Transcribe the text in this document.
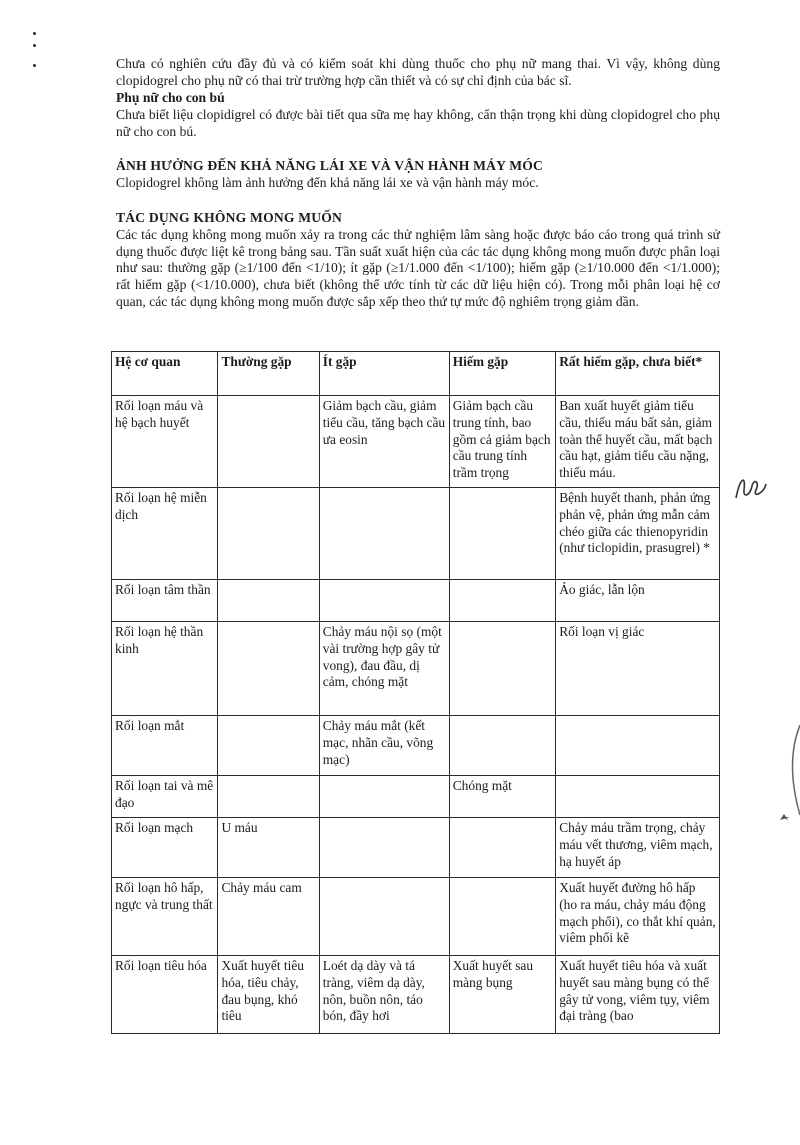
Chưa có nghiên cứu đầy đủ và có kiểm soát khi dùng thuốc cho phụ nữ mang thai. Vì vậy, không dùng clopidogrel cho phụ nữ có thai trừ trường hợp cần thiết và có sự chỉ định của bác sĩ.

Phụ nữ cho con bú

Chưa biết liệu clopidigrel có được bài tiết qua sữa mẹ hay không, cẩn thận trọng khi dùng clopidogrel cho phụ nữ cho con bú.

ẢNH HƯỞNG ĐẾN KHẢ NĂNG LÁI XE VÀ VẬN HÀNH MÁY MÓC

Clopidogrel không làm ảnh hưởng đến khả năng lái xe và vận hành máy móc.

TÁC DỤNG KHÔNG MONG MUỐN

Các tác dụng không mong muốn xảy ra trong các thử nghiệm lâm sàng hoặc được báo cáo trong quá trình sử dụng thuốc được liệt kê trong bảng sau. Tần suất xuất hiện của các tác dụng không mong muốn được phân loại như sau: thường gặp (≥1/100 đến <1/10); ít gặp (≥1/1.000 đến <1/100); hiếm gặp (≥1/10.000 đến <1/1.000); rất hiếm gặp (<1/10.000), chưa biết (không thể ước tính từ các dữ liệu hiện có). Trong mỗi phân loại hệ cơ quan, các tác dụng không mong muốn được sắp xếp theo thứ tự mức độ nghiêm trọng giảm dần.

Hệ cơ quan	Thường gặp	Ít gặp	Hiếm gặp	Rất hiếm gặp, chưa biết*
Rối loạn máu và hệ bạch huyết		Giảm bạch cầu, giảm tiểu cầu, tăng bạch cầu ưa eosin	Giảm bạch cầu trung tính, bao gồm cả giảm bạch cầu trung tính trầm trọng	Ban xuất huyết giảm tiểu cầu, thiếu máu bất sản, giảm toàn thể huyết cầu, mất bạch cầu hạt, giảm tiểu cầu nặng, thiếu máu.
Rối loạn hệ miễn dịch				Bệnh huyết thanh, phản ứng phản vệ, phản ứng mẫn cảm chéo giữa các thienopyridin (như ticlopidin, prasugrel) *
Rối loạn tâm thần				Ảo giác, lẫn lộn
Rối loạn hệ thần kinh		Chảy máu nội sọ (một vài trường hợp gây tử vong), đau đầu, dị cảm, chóng mặt		Rối loạn vị giác
Rối loạn mắt		Chảy máu mắt (kết mạc, nhãn cầu, võng mạc)		
Rối loạn tai và mê đạo			Chóng mặt	
Rối loạn mạch	U máu			Chảy máu trầm trọng, chảy máu vết thương, viêm mạch, hạ huyết áp
Rối loạn hô hấp, ngực và trung thất	Chảy máu cam			Xuất huyết đường hô hấp (ho ra máu, chảy máu động mạch phổi), co thắt khí quản, viêm phổi kẽ
Rối loạn tiêu hóa	Xuất huyết tiêu hóa, tiêu chảy, đau bụng, khó tiêu	Loét dạ dày và tá tràng, viêm dạ dày, nôn, buồn nôn, táo bón, đầy hơi	Xuất huyết sau màng bụng	Xuất huyết tiêu hóa và xuất huyết sau màng bụng có thể gây tử vong, viêm tụy, viêm đại tràng (bao
